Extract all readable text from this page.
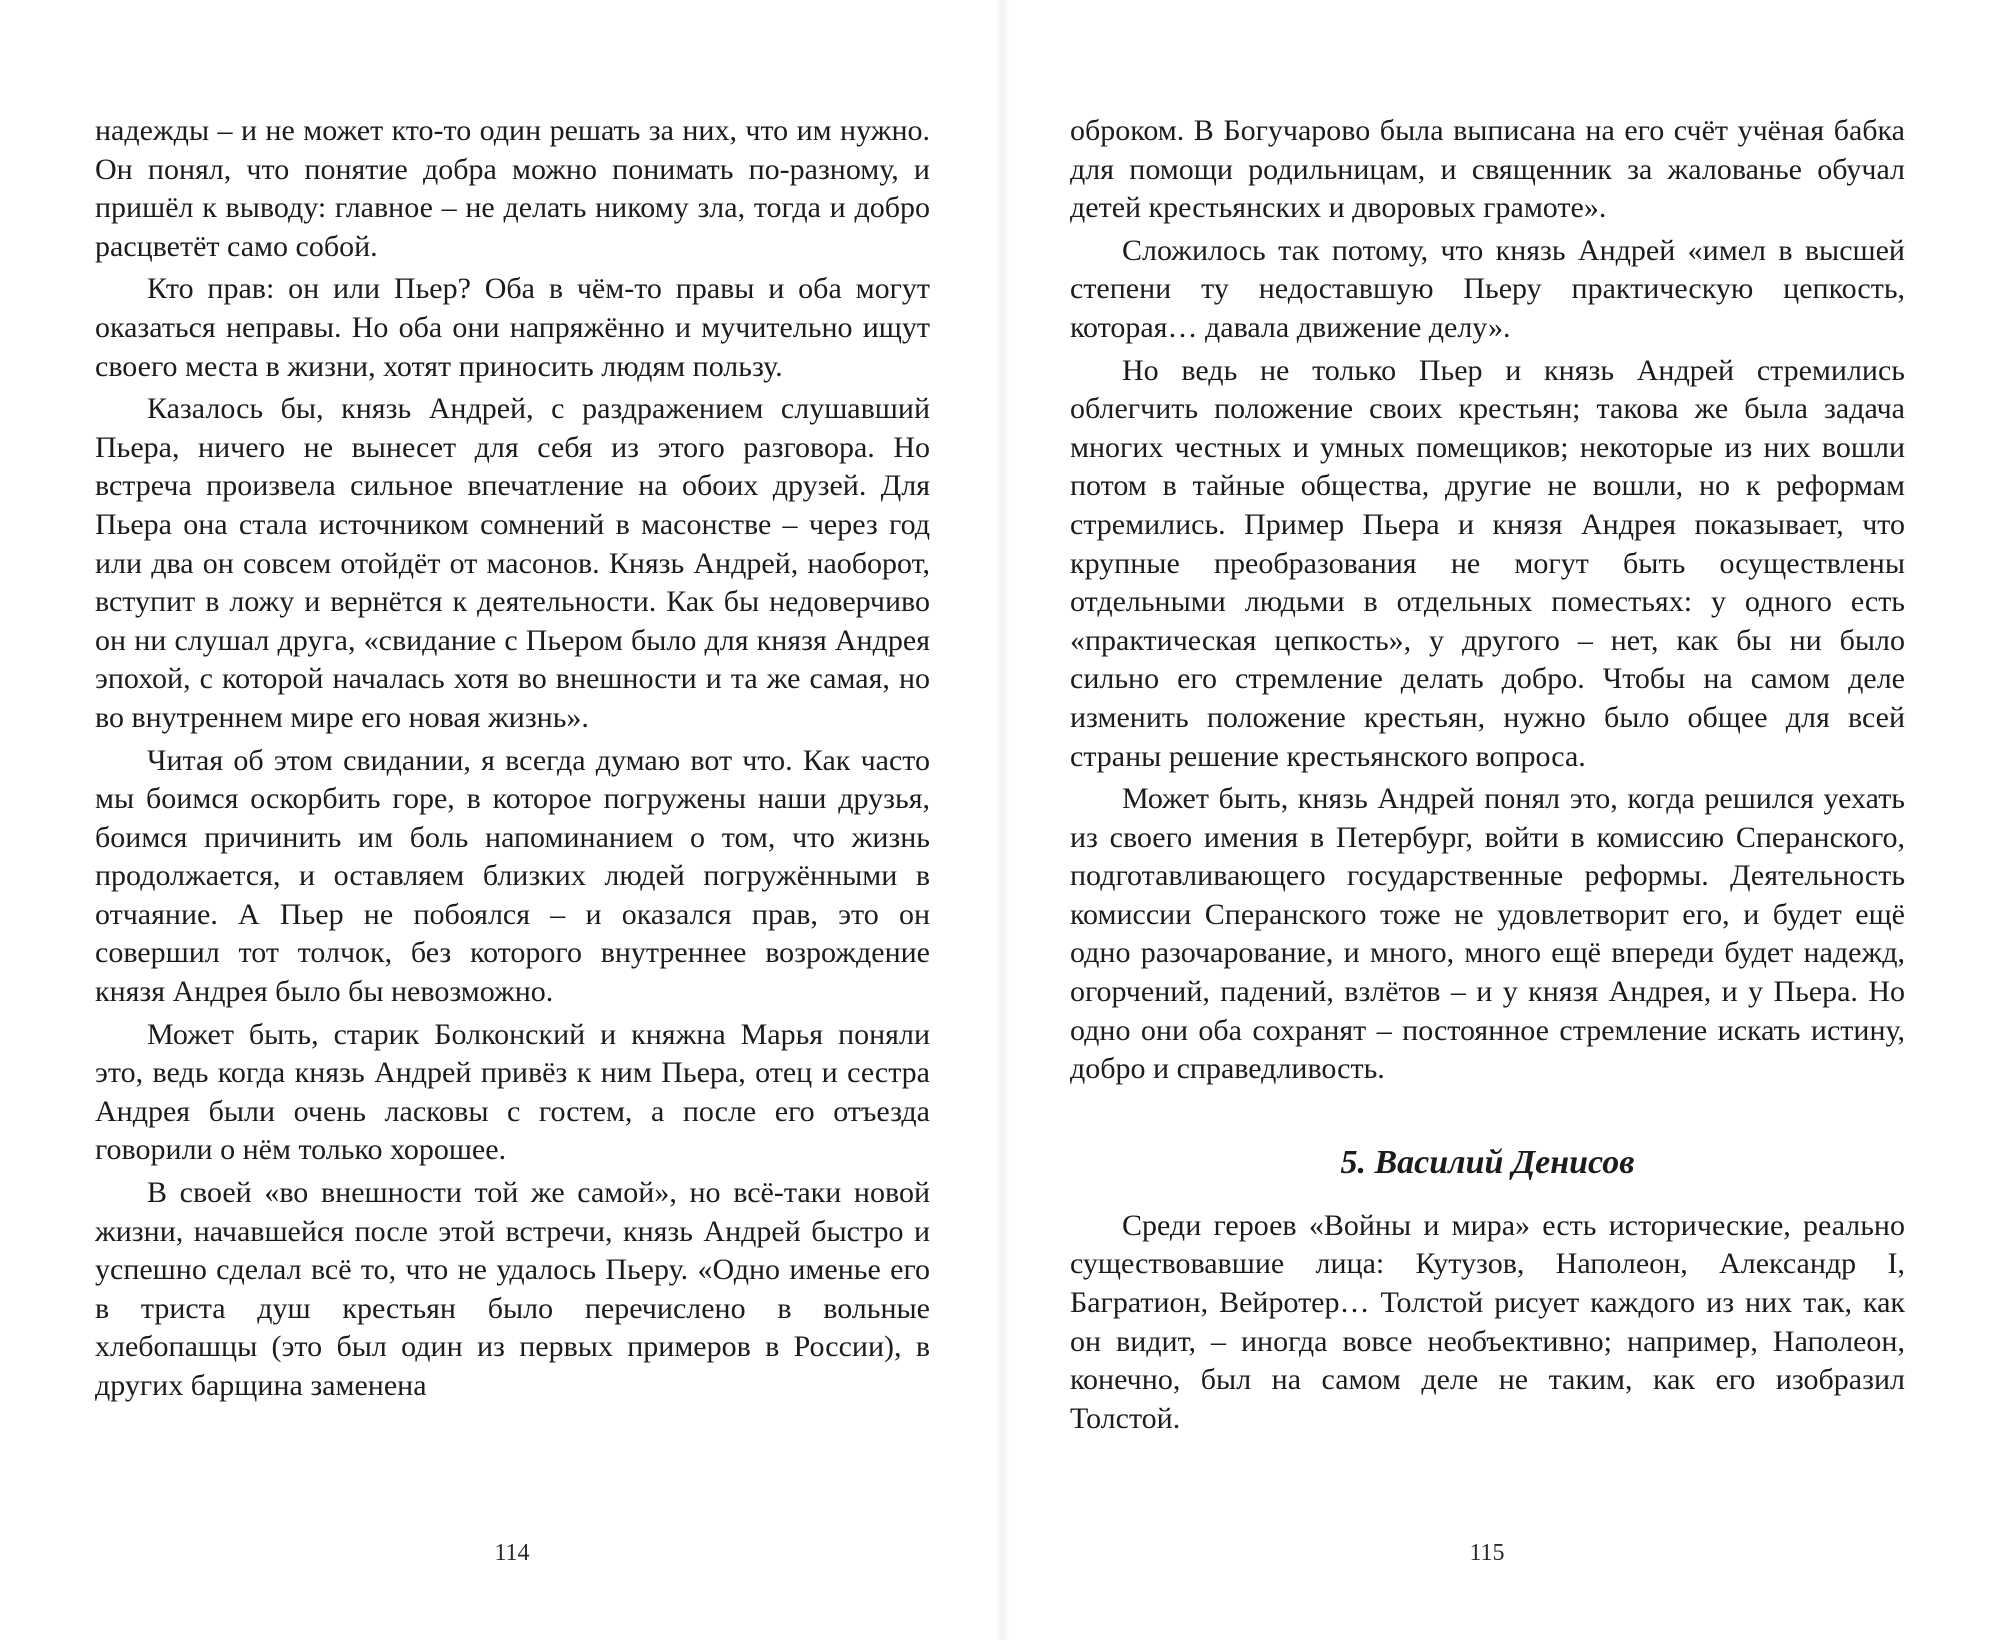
надежды – и не может кто-то один решать за них, что им нужно. Он понял, что понятие добра можно понимать по-разному, и пришёл к выводу: главное – не делать никому зла, тогда и добро расцветёт само собой.

Кто прав: он или Пьер? Оба в чём-то правы и оба могут оказаться неправы. Но оба они напряжённо и мучительно ищут своего места в жизни, хотят приносить людям пользу.

Казалось бы, князь Андрей, с раздражением слушавший Пьера, ничего не вынесет для себя из этого разговора. Но встреча произвела сильное впечатление на обоих друзей. Для Пьера она стала источником сомнений в масонстве – через год или два он совсем отойдёт от масонов. Князь Андрей, наоборот, вступит в ложу и вернётся к деятельности. Как бы недоверчиво он ни слушал друга, «свидание с Пьером было для князя Андрея эпохой, с которой началась хотя во внешности и та же самая, но во внутреннем мире его новая жизнь».

Читая об этом свидании, я всегда думаю вот что. Как часто мы боимся оскорбить горе, в которое погружены наши друзья, боимся причинить им боль напоминанием о том, что жизнь продолжается, и оставляем близких людей погружёнными в отчаяние. А Пьер не побоялся – и оказался прав, это он совершил тот толчок, без которого внутреннее возрождение князя Андрея было бы невозможно.

Может быть, старик Болконский и княжна Марья поняли это, ведь когда князь Андрей привёз к ним Пьера, отец и сестра Андрея были очень ласковы с гостем, а после его отъезда говорили о нём только хорошее.

В своей «во внешности той же самой», но всё-таки новой жизни, начавшейся после этой встречи, князь Андрей быстро и успешно сделал всё то, что не удалось Пьеру. «Одно именье его в триста душ крестьян было перечислено в вольные хлебопашцы (это был один из первых примеров в России), в других барщина заменена

оброком. В Богучарово была выписана на его счёт учёная бабка для помощи родильницам, и священник за жалованье обучал детей крестьянских и дворовых грамоте».

Сложилось так потому, что князь Андрей «имел в высшей степени ту недоставшую Пьеру практическую цепкость, которая… давала движение делу».

Но ведь не только Пьер и князь Андрей стремились облегчить положение своих крестьян; такова же была задача многих честных и умных помещиков; некоторые из них вошли потом в тайные общества, другие не вошли, но к реформам стремились. Пример Пьера и князя Андрея показывает, что крупные преобразования не могут быть осуществлены отдельными людьми в отдельных поместьях: у одного есть «практическая цепкость», у другого – нет, как бы ни было сильно его стремление делать добро. Чтобы на самом деле изменить положение крестьян, нужно было общее для всей страны решение крестьянского вопроса.

Может быть, князь Андрей понял это, когда решился уехать из своего имения в Петербург, войти в комиссию Сперанского, подготавливающего государственные реформы. Деятельность комиссии Сперанского тоже не удовлетворит его, и будет ещё одно разочарование, и много, много ещё впереди будет надежд, огорчений, падений, взлётов – и у князя Андрея, и у Пьера. Но одно они оба сохранят – постоянное стремление искать истину, добро и справедливость.

5. Василий Денисов

Среди героев «Войны и мира» есть исторические, реально существовавшие лица: Кутузов, Наполеон, Александр I, Багратион, Вейротер… Толстой рисует каждого из них так, как он видит, – иногда вовсе необъективно; например, Наполеон, конечно, был на самом деле не таким, как его изобразил Толстой.

114	115
